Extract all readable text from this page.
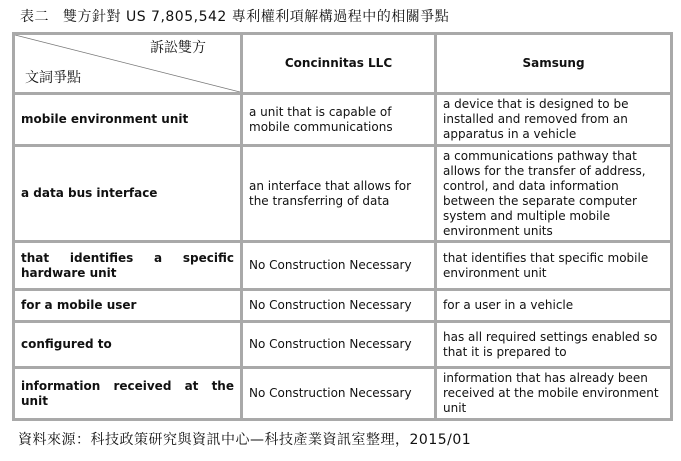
表二 雙方針對 US 7,805,542 專利權利項解構過程中的相關爭點
訴訟雙方
文詞爭點	Concinnitas LLC	Samsung
mobile environment unit	a unit that is capable of mobile communications	a device that is designed to be installed and removed from an apparatus in a vehicle
a data bus interface	an interface that allows for the transferring of data	a communications pathway that allows for the transfer of address, control, and data information between the separate computer system and multiple mobile environment units
that identifies a specific hardware unit	No Construction Necessary	that identifies that specific mobile environment unit
for a mobile user	No Construction Necessary	for a user in a vehicle
configured to	No Construction Necessary	has all required settings enabled so that it is prepared to
information received at the unit	No Construction Necessary	information that has already been received at the mobile environment unit
資料來源：科技政策研究與資訊中心—科技產業資訊室整理，2015/01
